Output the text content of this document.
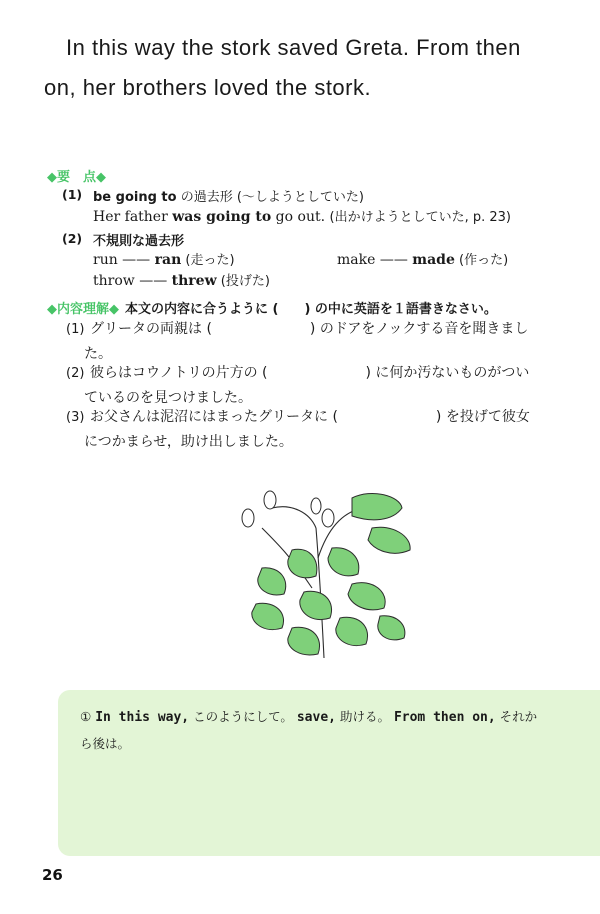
In this way the stork saved Greta. From then
on, her brothers loved the stork.
◆要　点◆
(1) be going to の過去形 (〜しようとしていた)
Her father was going to go out. (出かけようとしていた, p. 23)
(2) 不規則な過去形
run —— ran (走った)	make —— made (作った)
throw —— threw (投げた)
◆内容理解◆ 本文の内容に合うように (　　) の中に英語を１語書きなさい。
(1) グリータの両親は (　　　　　　　) のドアをノックする音を聞きまし
た。
(2) 彼らはコウノトリの片方の (　　　　　　　) に何か汚ないものがつい
ているのを見つけました。
(3) お父さんは泥沼にはまったグリータに (　　　　　　　) を投げて彼女
につかまらせ，助け出しました。
① In this way, このようにして。 save, 助ける。 From then on, それか
ら後は。
26
